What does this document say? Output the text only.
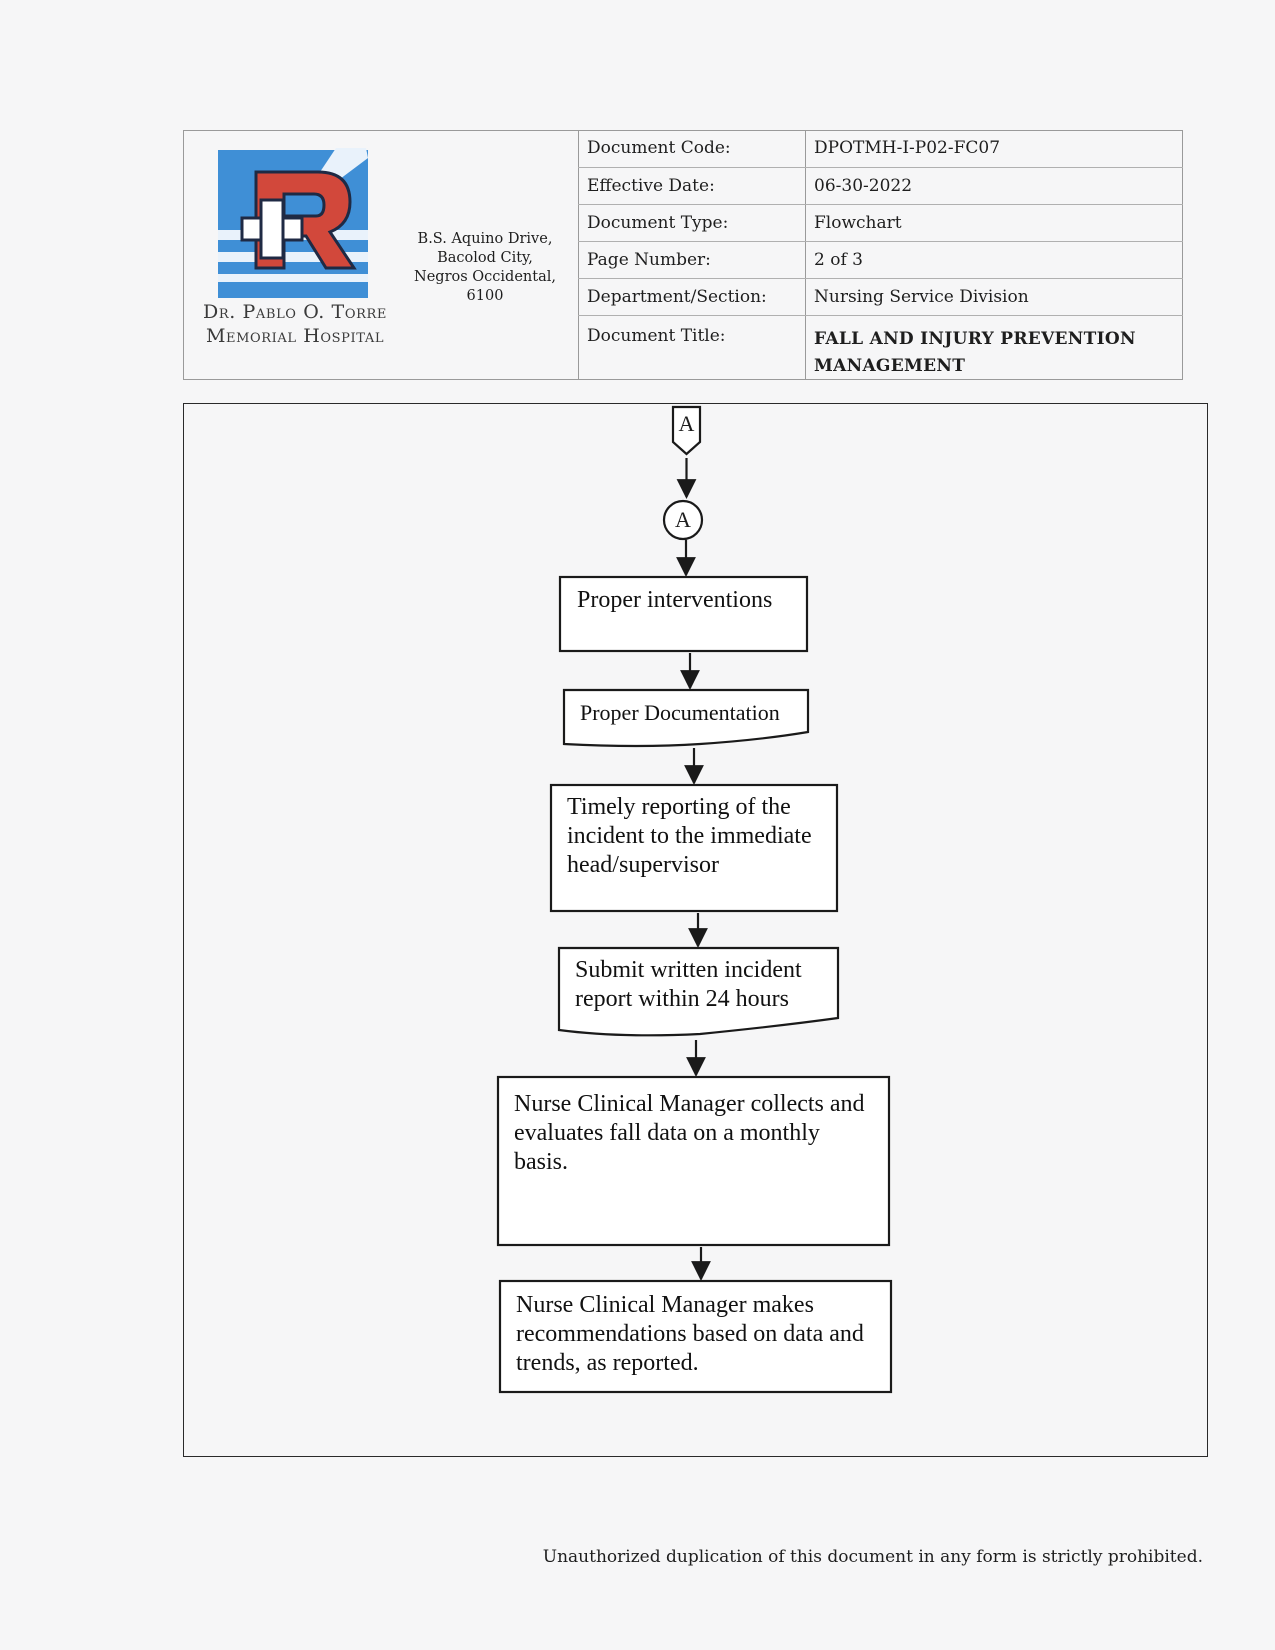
Dr. Pablo O. Torre
Memorial Hospital
B.S. Aquino Drive,
Bacolod City,
Negros Occidental,
6100
Document Code:	DPOTMH-I-P02-FC07
Effective Date:	06-30-2022
Document Type:	Flowchart
Page Number:	2 of 3
Department/Section:	Nursing Service Division
Document Title:	FALL AND INJURY PREVENTION MANAGEMENT
A
A
Proper interventions
Proper Documentation
Timely reporting of the incident to the immediate head/supervisor
Submit written incident report within 24 hours
Nurse Clinical Manager collects and evaluates fall data on a monthly basis.
Nurse Clinical Manager makes recommendations based on data and trends, as reported.
Unauthorized duplication of this document in any form is strictly prohibited.
